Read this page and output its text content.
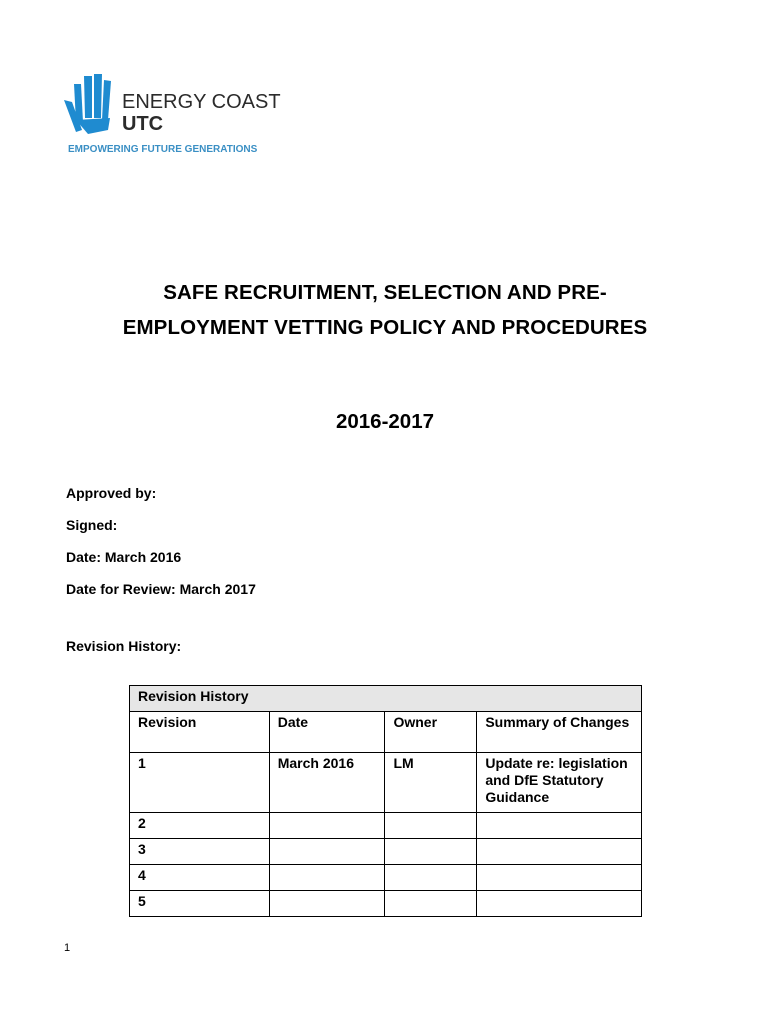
ENERGY COAST
UTC
EMPOWERING FUTURE GENERATIONS
SAFE RECRUITMENT, SELECTION AND PRE-
EMPLOYMENT VETTING POLICY AND PROCEDURES
2016-2017
Approved by:
Signed:
Date: March 2016
Date for Review: March 2017
Revision History:
Revision History			
Revision	Date	Owner	Summary of Changes
1	March 2016	LM	Update re: legislation and DfE Statutory Guidance
2			
3			
4			
5			
1
